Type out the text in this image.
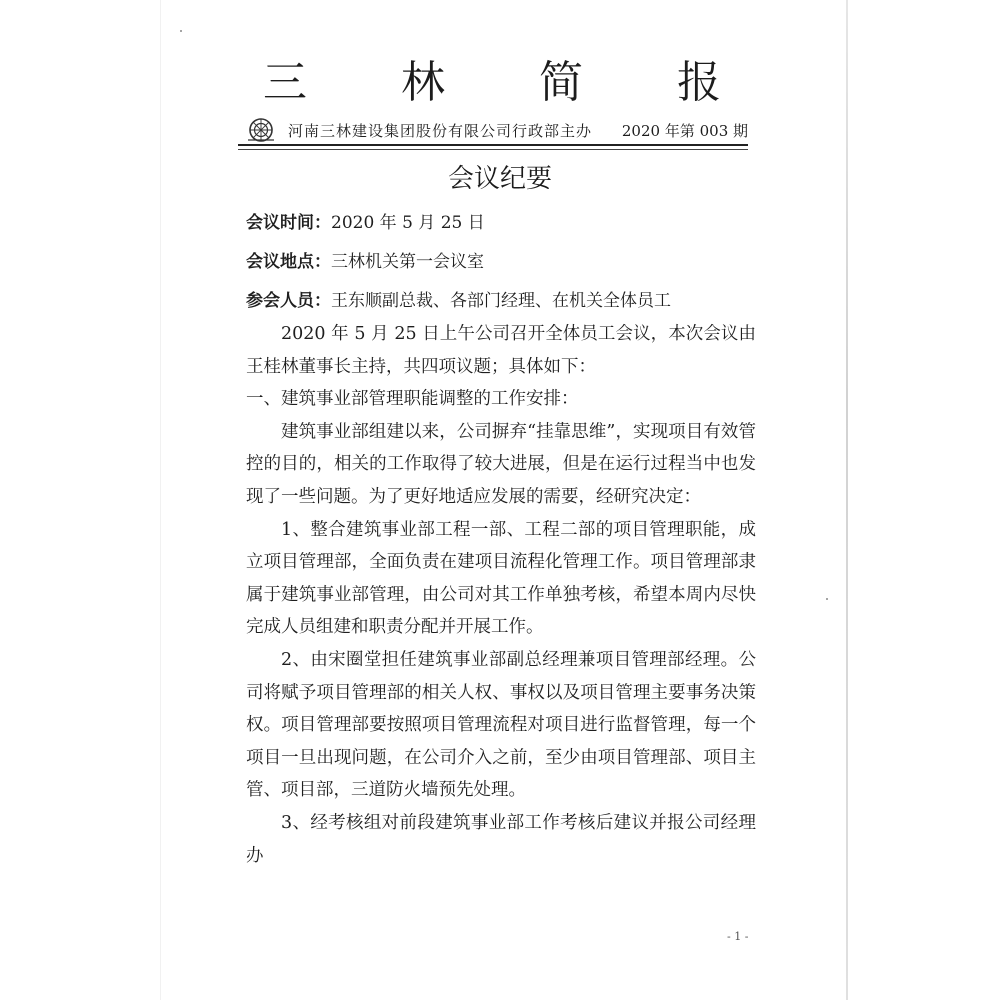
三 林 简 报
河南三林建设集团股份有限公司行政部主办 2020 年第 003 期
会议纪要
会议时间：2020 年 5 月 25 日
会议地点：三林机关第一会议室
参会人员：王东顺副总裁、各部门经理、在机关全体员工

2020 年 5 月 25 日上午公司召开全体员工会议，本次会议由王桂林董事长主持，共四项议题；具体如下：

一、建筑事业部管理职能调整的工作安排：

建筑事业部组建以来，公司摒弃“挂靠思维”，实现项目有效管控的目的，相关的工作取得了较大进展，但是在运行过程当中也发现了一些问题。为了更好地适应发展的需要，经研究决定：

1、整合建筑事业部工程一部、工程二部的项目管理职能，成立项目管理部，全面负责在建项目流程化管理工作。项目管理部隶属于建筑事业部管理，由公司对其工作单独考核，希望本周内尽快完成人员组建和职责分配并开展工作。

2、由宋圈堂担任建筑事业部副总经理兼项目管理部经理。公司将赋予项目管理部的相关人权、事权以及项目管理主要事务决策权。项目管理部要按照项目管理流程对项目进行监督管理，每一个项目一旦出现问题，在公司介入之前，至少由项目管理部、项目主管、项目部，三道防火墙预先处理。

3、经考核组对前段建筑事业部工作考核后建议并报公司经理办

- 1 -
